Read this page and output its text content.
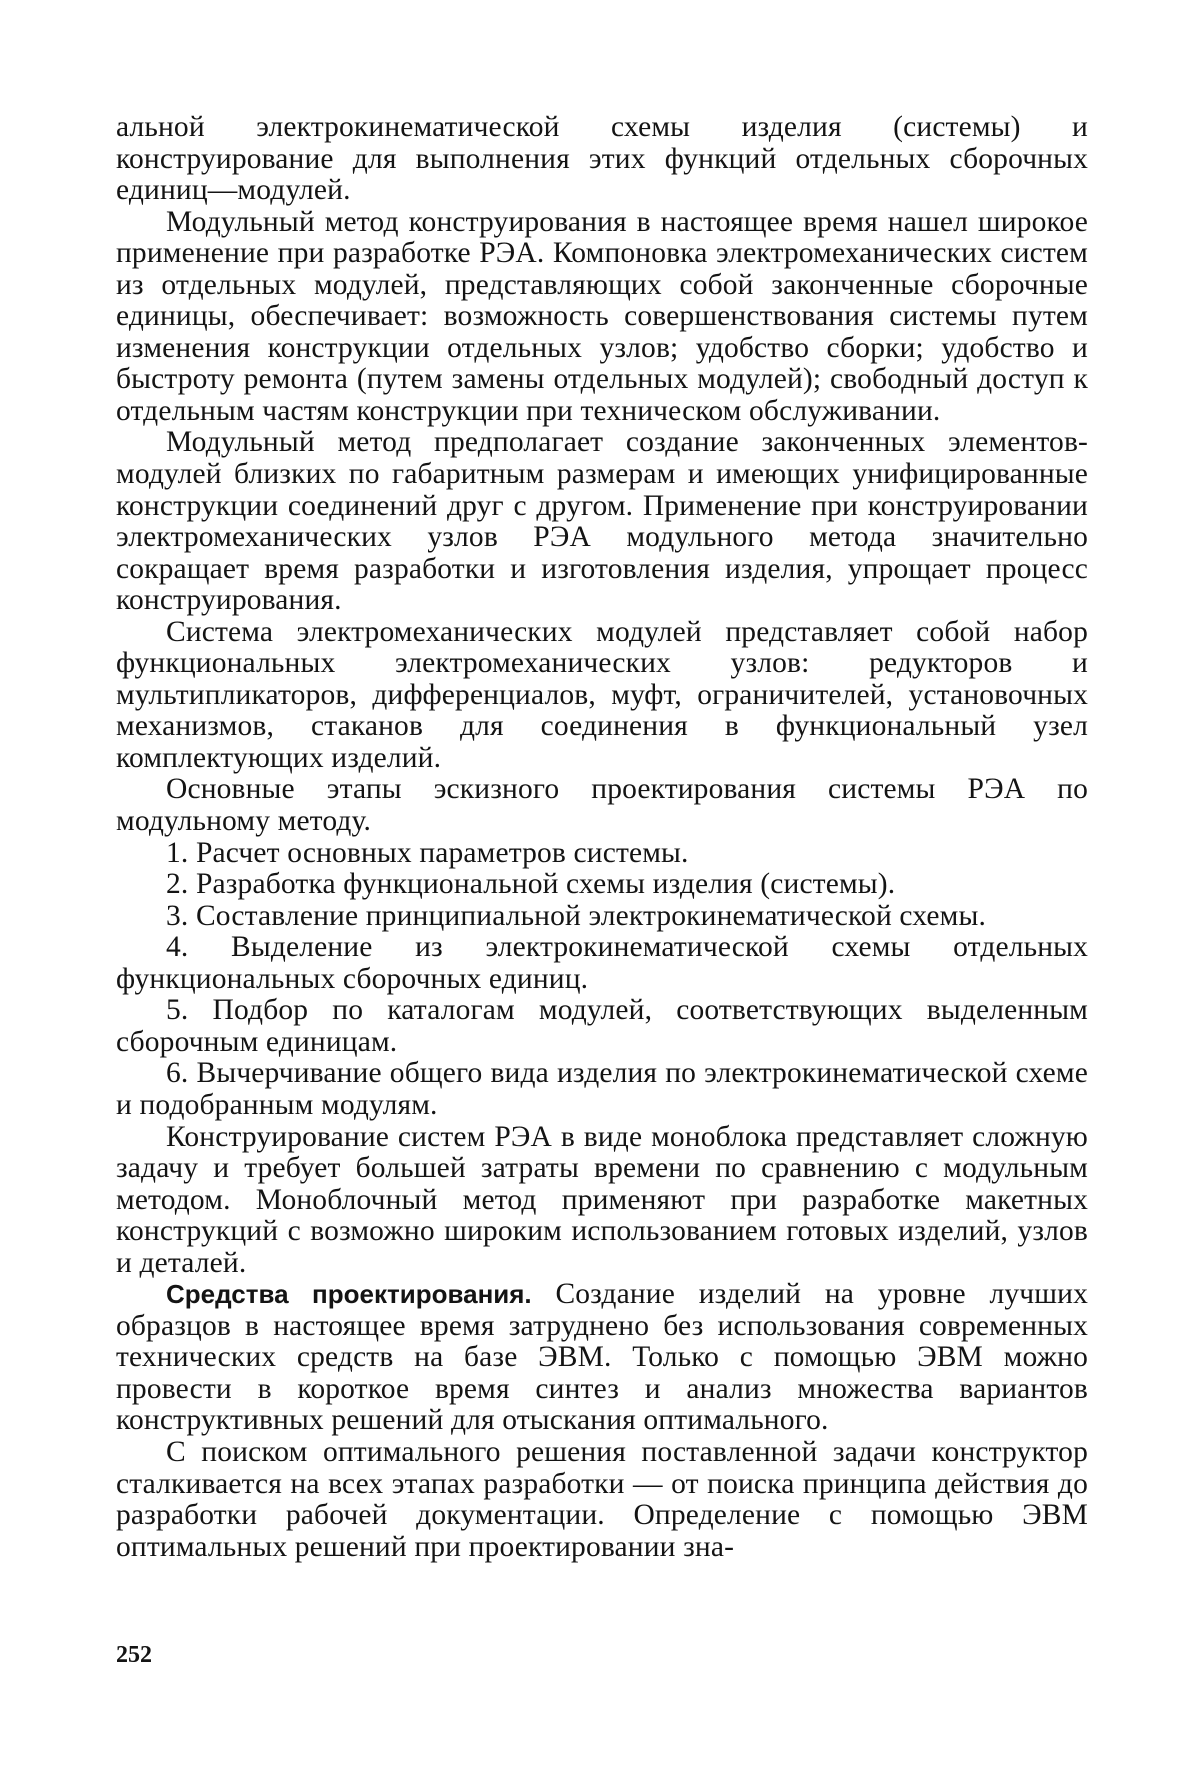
альной электрокинематической схемы изделия (системы) и конструирование для выполнения этих функций отдельных сборочных единиц—модулей.

Модульный метод конструирования в настоящее время нашел широкое применение при разработке РЭА. Компоновка электромеханических систем из отдельных модулей, представляющих собой законченные сборочные единицы, обеспечивает: возможность совершенствования системы путем изменения конструкции отдельных узлов; удобство сборки; удобство и быстроту ремонта (путем замены отдельных модулей); свободный доступ к отдельным частям конструкции при техническом обслуживании.

Модульный метод предполагает создание законченных элементов-модулей близких по габаритным размерам и имеющих унифицированные конструкции соединений друг с другом. Применение при конструировании электромеханических узлов РЭА модульного метода значительно сокращает время разработки и изготовления изделия, упрощает процесс конструирования.

Система электромеханических модулей представляет собой набор функциональных электромеханических узлов: редукторов и мультипликаторов, дифференциалов, муфт, ограничителей, установочных механизмов, стаканов для соединения в функциональный узел комплектующих изделий.

Основные этапы эскизного проектирования системы РЭА по модульному методу.

1. Расчет основных параметров системы.

2. Разработка функциональной схемы изделия (системы).

3. Составление принципиальной электрокинематической схемы.

4. Выделение из электрокинематической схемы отдельных функциональных сборочных единиц.

5. Подбор по каталогам модулей, соответствующих выделенным сборочным единицам.

6. Вычерчивание общего вида изделия по электрокинематической схеме и подобранным модулям.

Конструирование систем РЭА в виде моноблока представляет сложную задачу и требует большей затраты времени по сравнению с модульным методом. Моноблочный метод применяют при разработке макетных конструкций с возможно широким использованием готовых изделий, узлов и деталей.

Средства проектирования. Создание изделий на уровне лучших образцов в настоящее время затруднено без использования современных технических средств на базе ЭВМ. Только с помощью ЭВМ можно провести в короткое время синтез и анализ множества вариантов конструктивных решений для отыскания оптимального.

С поиском оптимального решения поставленной задачи конструктор сталкивается на всех этапах разработки — от поиска принципа действия до разработки рабочей документации. Определение с помощью ЭВМ оптимальных решений при проектировании зна-

252
